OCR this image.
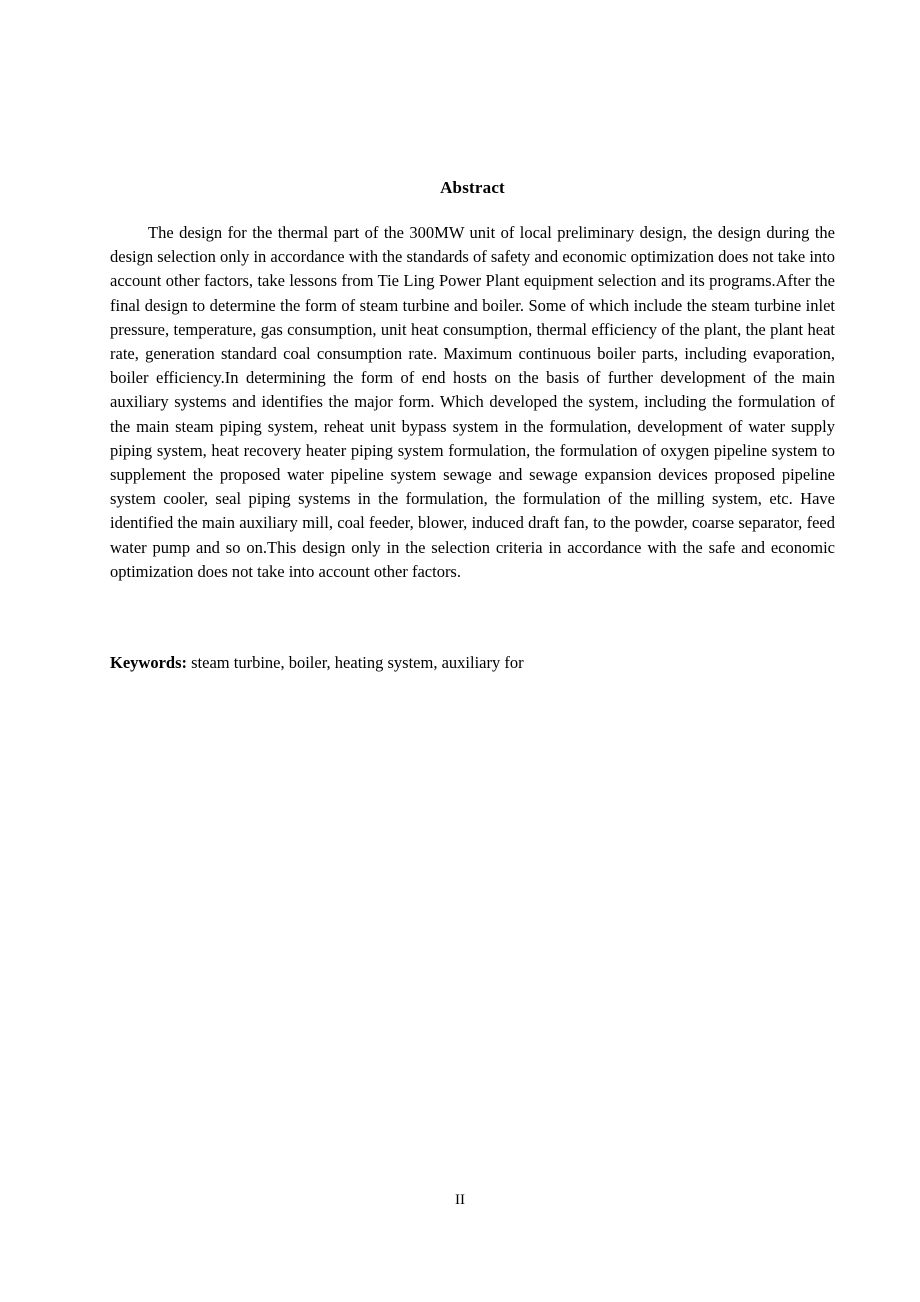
Abstract

The design for the thermal part of the 300MW unit of local preliminary design, the design during the design selection only in accordance with the standards of safety and economic optimization does not take into account other factors, take lessons from Tie Ling Power Plant equipment selection and its programs.After the final design to determine the form of steam turbine and boiler. Some of which include the steam turbine inlet pressure, temperature, gas consumption, unit heat consumption, thermal efficiency of the plant, the plant heat rate, generation standard coal consumption rate. Maximum continuous boiler parts, including evaporation, boiler efficiency.In determining the form of end hosts on the basis of further development of the main auxiliary systems and identifies the major form. Which developed the system, including the formulation of the main steam piping system, reheat unit bypass system in the formulation, development of water supply piping system, heat recovery heater piping system formulation, the formulation of oxygen pipeline system to supplement the proposed water pipeline system sewage and sewage expansion devices proposed pipeline system cooler, seal piping systems in the formulation, the formulation of the milling system, etc. Have identified the main auxiliary mill, coal feeder, blower, induced draft fan, to the powder, coarse separator, feed water pump and so on.This design only in the selection criteria in accordance with the safe and economic optimization does not take into account other factors.

Keywords: steam turbine, boiler, heating system, auxiliary for

II
